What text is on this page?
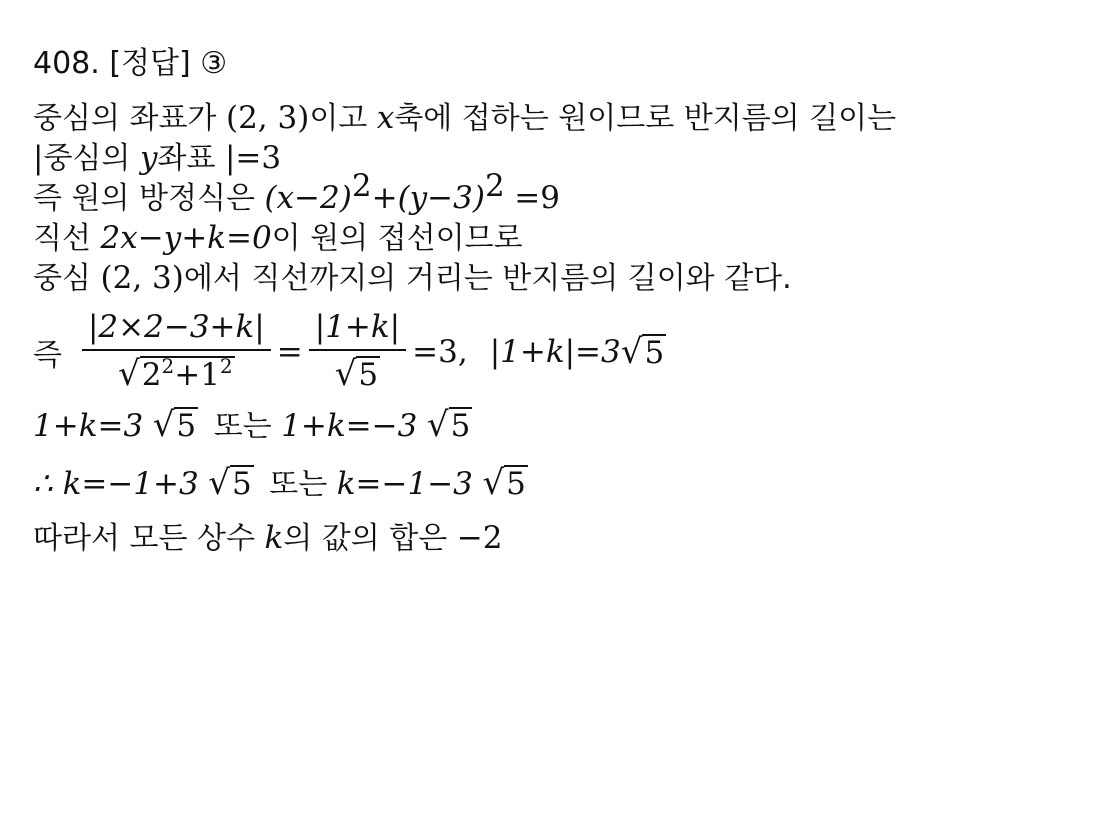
408. [정답] ③
중심의 좌표가 (2, 3)이고 x축에 접하는 원이므로 반지름의 길이는
|중심의 y좌표 |=3
즉 원의 방정식은 $(x-2)^2+(y-3)^2 =9$
직선 2x−y+k=0이 원의 접선이므로
중심 (2, 3)에서 직선까지의 거리는 반지름의 길이와 같다.
즉 $\frac{|2\times 2-3+k|}{√ 2^2+1^2} = \frac{|1+k|}{√ 5} =3$, |1+k|=3 √ 5
1+k=3 √ 5 또는 1+k=−3 √ 5
∴ k=−1+3 √ 5 또는 k=−1−3 √ 5
따라서 모든 상수 k의 값의 합은 −2
